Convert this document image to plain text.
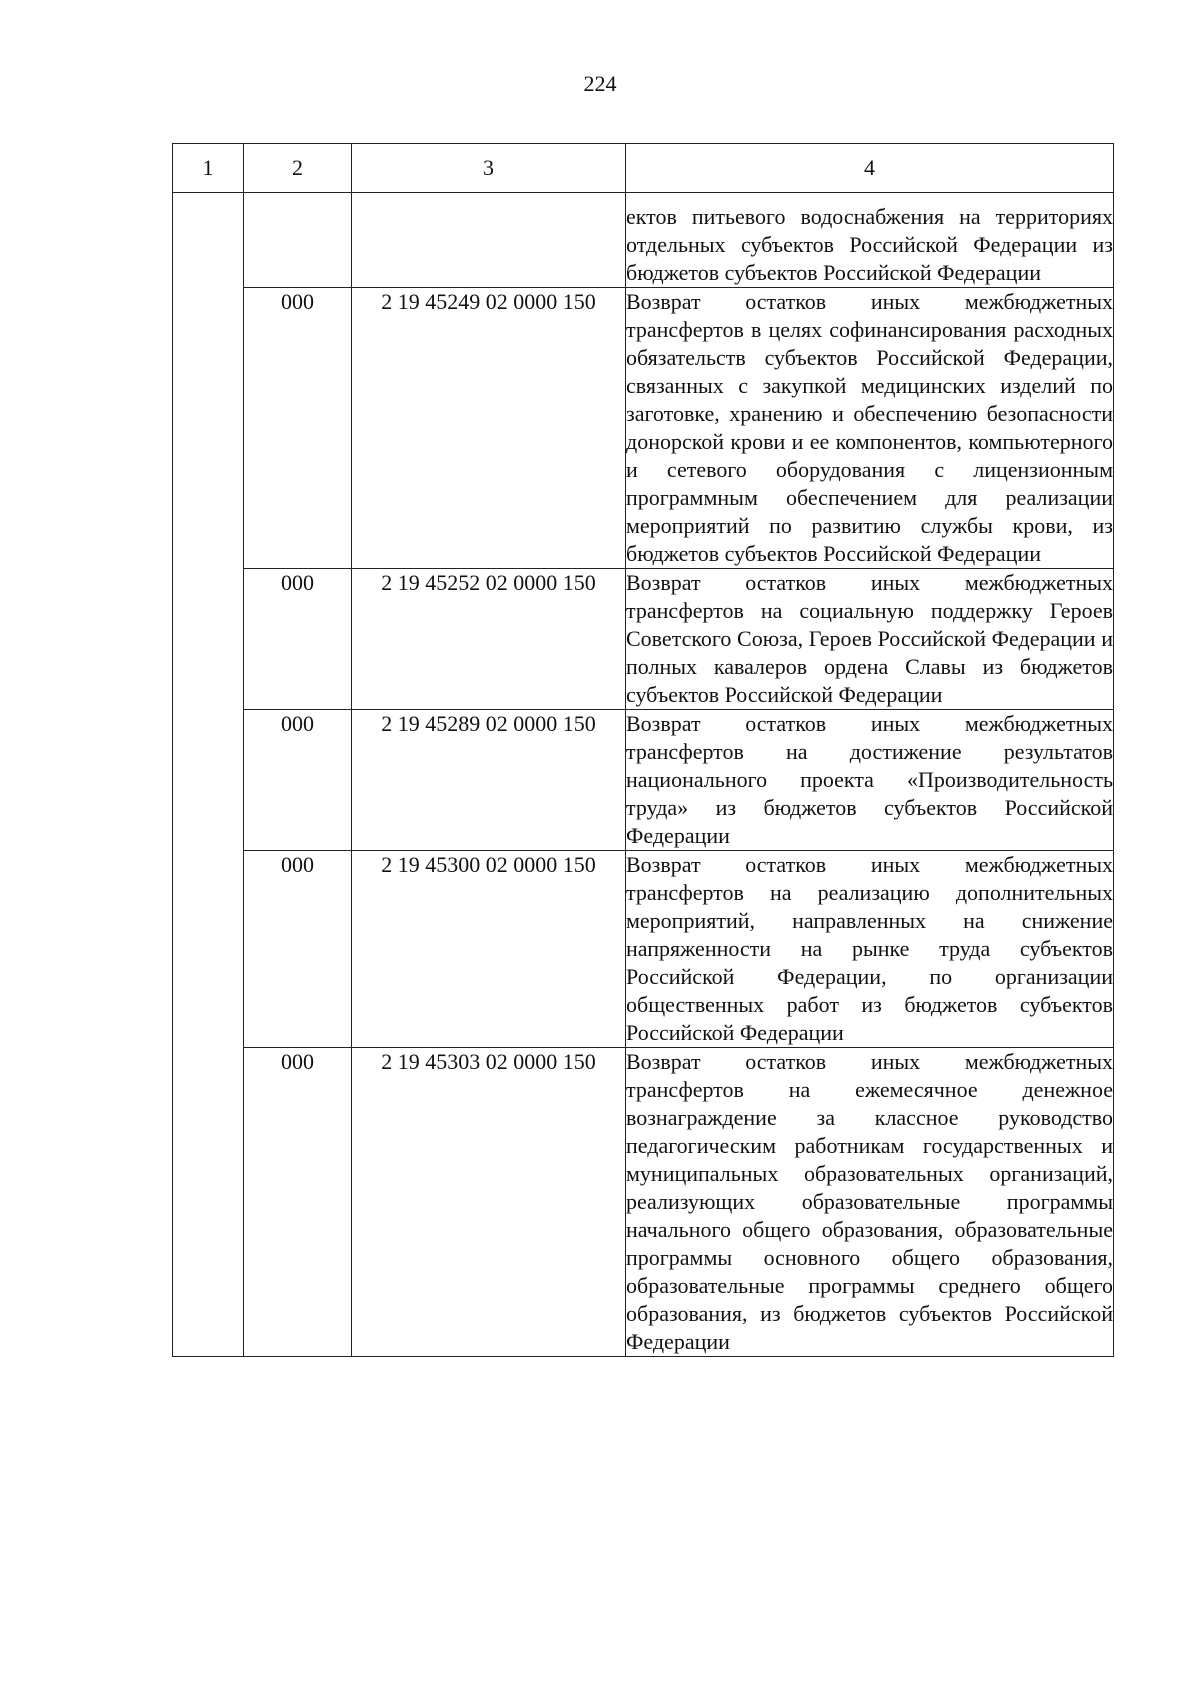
224
1	2	3	4
			ектов питьевого водоснабжения на территориях отдельных субъектов Российской Федерации из бюджетов субъектов Российской Федерации
	000	2 19 45249 02 0000 150	Возврат остатков иных межбюджетных трансфертов в целях софинансирования расходных обязательств субъектов Российской Федерации, связанных с закупкой медицинских изделий по заготовке, хранению и обеспечению безопасности донорской крови и ее компонентов, компьютерного и сетевого оборудования с лицензионным программным обеспечением для реализации мероприятий по развитию службы крови, из бюджетов субъектов Российской Федерации
	000	2 19 45252 02 0000 150	Возврат остатков иных межбюджетных трансфертов на социальную поддержку Героев Советского Союза, Героев Российской Федерации и полных кавалеров ордена Славы из бюджетов субъектов Российской Федерации
	000	2 19 45289 02 0000 150	Возврат остатков иных межбюджетных трансфертов на достижение результатов национального проекта «Производительность труда» из бюджетов субъектов Российской Федерации
	000	2 19 45300 02 0000 150	Возврат остатков иных межбюджетных трансфертов на реализацию дополнительных мероприятий, направленных на снижение напряженности на рынке труда субъектов Российской Федерации, по организации общественных работ из бюджетов субъектов Российской Федерации
	000	2 19 45303 02 0000 150	Возврат остатков иных межбюджетных трансфертов на ежемесячное денежное вознаграждение за классное руководство педагогическим работникам государственных и муниципальных образовательных организаций, реализующих образовательные программы начального общего образования, образовательные программы основного общего образования, образовательные программы среднего общего образования, из бюджетов субъектов Российской Федерации
